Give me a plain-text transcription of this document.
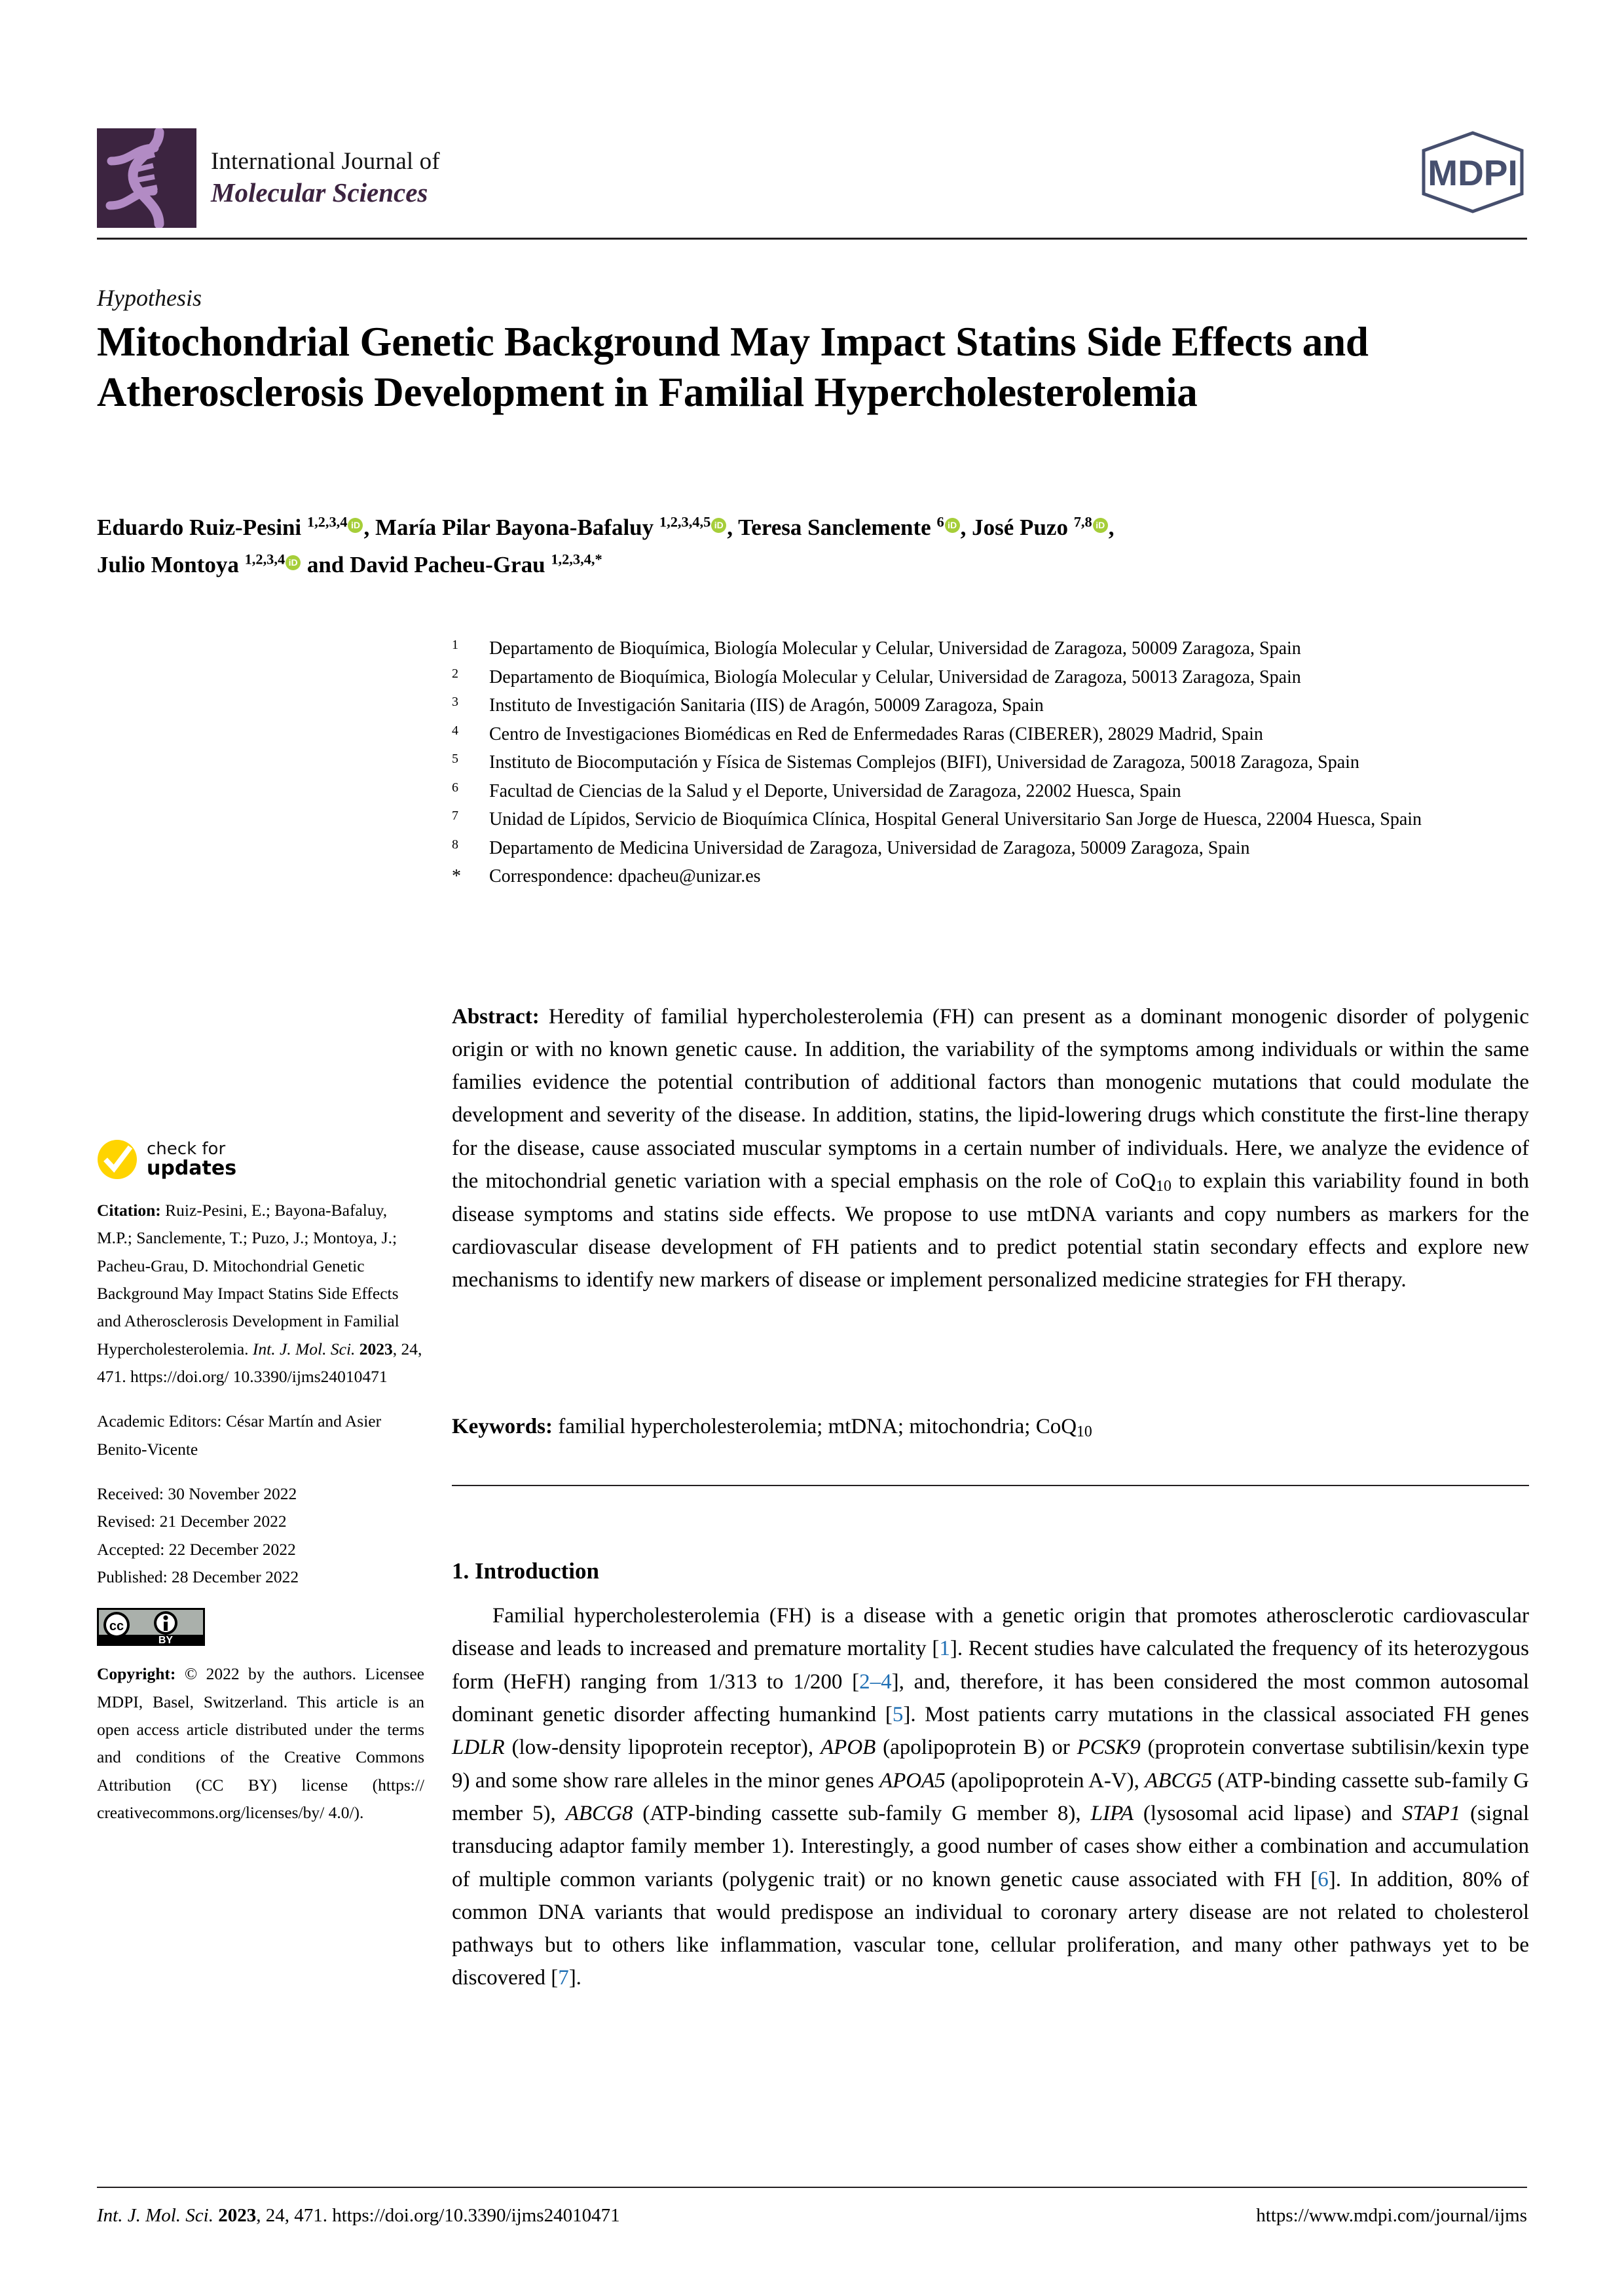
International Journal of
Molecular Sciences	MDPI
Hypothesis
Mitochondrial Genetic Background May Impact Statins Side Effects and Atherosclerosis Development in Familial Hypercholesterolemia
Eduardo Ruiz-Pesini $^{1,2,3,4}$ iD , María Pilar Bayona-Bafaluy $^{1,2,3,4,5}$ iD , Teresa Sanclemente $^6$ iD , José Puzo $^{7,8}$ iD ,
Julio Montoya $^{1,2,3,4}$ iD and David Pacheu-Grau $^{1,2,3,4,*}$
1	Departamento de Bioquímica, Biología Molecular y Celular, Universidad de Zaragoza, 50009 Zaragoza, Spain
2	Departamento de Bioquímica, Biología Molecular y Celular, Universidad de Zaragoza, 50013 Zaragoza, Spain
3	Instituto de Investigación Sanitaria (IIS) de Aragón, 50009 Zaragoza, Spain
4	Centro de Investigaciones Biomédicas en Red de Enfermedades Raras (CIBERER), 28029 Madrid, Spain
5	Instituto de Biocomputación y Física de Sistemas Complejos (BIFI), Universidad de Zaragoza, 50018 Zaragoza, Spain
6	Facultad de Ciencias de la Salud y el Deporte, Universidad de Zaragoza, 22002 Huesca, Spain
7	Unidad de Lípidos, Servicio de Bioquímica Clínica, Hospital General Universitario San Jorge de Huesca, 22004 Huesca, Spain
8	Departamento de Medicina Universidad de Zaragoza, Universidad de Zaragoza, 50009 Zaragoza, Spain
*	Correspondence: dpacheu@unizar.es
Abstract: Heredity of familial hypercholesterolemia (FH) can present as a dominant monogenic disorder of polygenic origin or with no known genetic cause. In addition, the variability of the symptoms among individuals or within the same families evidence the potential contribution of additional factors than monogenic mutations that could modulate the development and severity of the disease. In addition, statins, the lipid-lowering drugs which constitute the first-line therapy for the disease, cause associated muscular symptoms in a certain number of individuals. Here, we analyze the evidence of the mitochondrial genetic variation with a special emphasis on the role of CoQ$_{10}$ to explain this variability found in both disease symptoms and statins side effects. We propose to use mtDNA variants and copy numbers as markers for the cardiovascular disease development of FH patients and to predict potential statin secondary effects and explore new mechanisms to identify new markers of disease or implement personalized medicine strategies for FH therapy.
Keywords: familial hypercholesterolemia; mtDNA; mitochondria; CoQ$_{10}$
1. Introduction
Familial hypercholesterolemia (FH) is a disease with a genetic origin that promotes atherosclerotic cardiovascular disease and leads to increased and premature mortality [1]. Recent studies have calculated the frequency of its heterozygous form (HeFH) ranging from 1/313 to 1/200 [2–4], and, therefore, it has been considered the most common autosomal dominant genetic disorder affecting humankind [5]. Most patients carry mutations in the classical associated FH genes LDLR (low-density lipoprotein receptor), APOB (apolipoprotein B) or PCSK9 (proprotein convertase subtilisin/kexin type 9) and some show rare alleles in the minor genes APOA5 (apolipoprotein A-V), ABCG5 (ATP-binding cassette sub-family G member 5), ABCG8 (ATP-binding cassette sub-family G member 8), LIPA (lysosomal acid lipase) and STAP1 (signal transducing adaptor family member 1). Interestingly, a good number of cases show either a combination and accumulation of multiple common variants (polygenic trait) or no known genetic cause associated with FH [6]. In addition, 80% of common DNA variants that would predispose an individual to coronary artery disease are not related to cholesterol pathways but to others like inflammation, vascular tone, cellular proliferation, and many other pathways yet to be discovered [7].
check for
updates
Citation: Ruiz-Pesini, E.; Bayona-Bafaluy, M.P.; Sanclemente, T.; Puzo, J.; Montoya, J.; Pacheu-Grau, D. Mitochondrial Genetic Background May Impact Statins Side Effects and Atherosclerosis Development in Familial Hypercholesterolemia. Int. J. Mol. Sci. 2023, 24, 471. https://doi.org/ 10.3390/ijms24010471
Academic Editors: César Martín and Asier Benito-Vicente
Received: 30 November 2022
Revised: 21 December 2022
Accepted: 22 December 2022
Published: 28 December 2022
cc
BY
Copyright: © 2022 by the authors. Licensee MDPI, Basel, Switzerland. This article is an open access article distributed under the terms and conditions of the Creative Commons Attribution (CC BY) license (https:// creativecommons.org/licenses/by/ 4.0/).
Int. J. Mol. Sci. 2023, 24, 471. https://doi.org/10.3390/ijms24010471	https://www.mdpi.com/journal/ijms
